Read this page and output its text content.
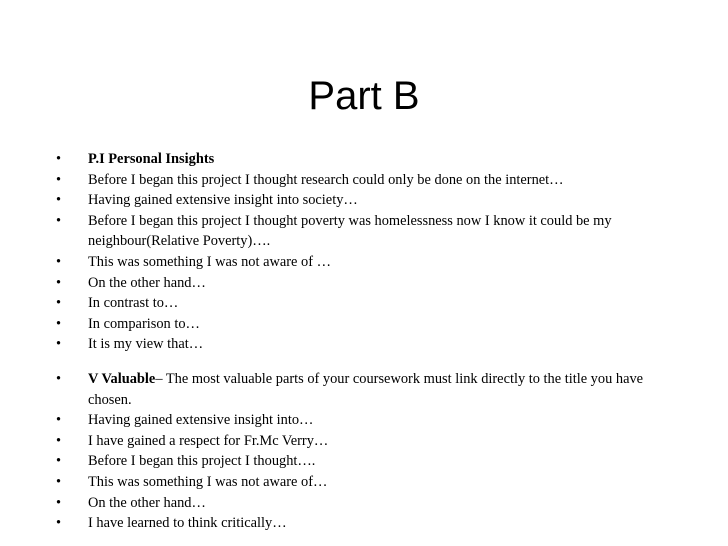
Part B
•	P.I Personal Insights
•	Before I began this project I thought research could only be done on the internet…
•	Having gained extensive insight into society…
•	Before I began this project I thought poverty was homelessness now I know it could be my neighbour(Relative Poverty)….
•	This was something I was not aware of …
•	On the other hand…
•	In contrast to…
•	In comparison to…
•	It is my view that…
•	V Valuable– The most valuable parts of your coursework must link directly to the title you have chosen.
•	Having gained extensive insight into…
•	I have gained a respect for Fr.Mc Verry…
•	Before I began this project I thought….
•	This was something I was not aware of…
•	On the other hand…
•	I have learned to think critically…
